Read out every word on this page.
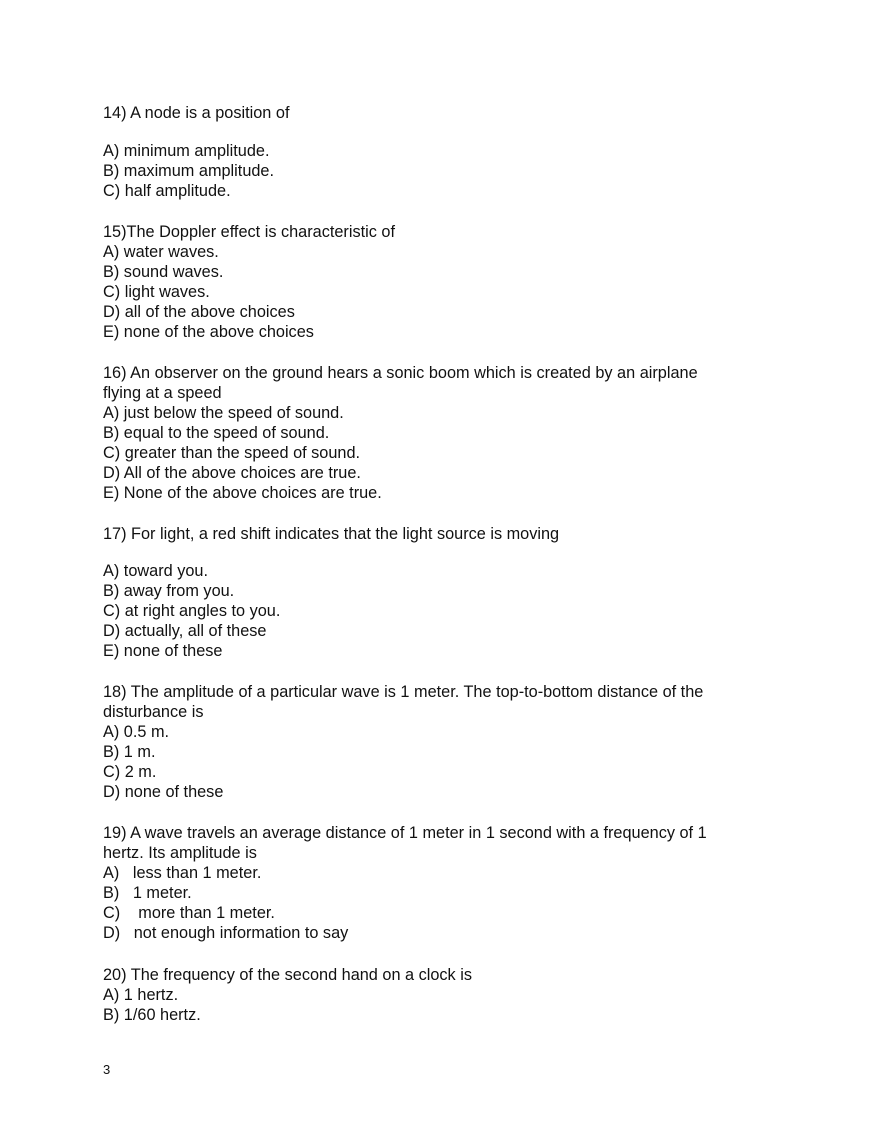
14) A node is a position of
A) minimum amplitude.
B) maximum amplitude.
C) half amplitude.
15)The Doppler effect is characteristic of
A) water waves.
B) sound waves.
C) light waves.
D) all of the above choices
E) none of the above choices
16) An observer on the ground hears a sonic boom which is created by an airplane
flying at a speed
A) just below the speed of sound.
B) equal to the speed of sound.
C) greater than the speed of sound.
D) All of the above choices are true.
E) None of the above choices are true.
17) For light, a red shift indicates that the light source is moving
A) toward you.
B) away from you.
C) at right angles to you.
D) actually, all of these
E) none of these
18) The amplitude of a particular wave is 1 meter. The top-to-bottom distance of the
disturbance is
A) 0.5 m.
B) 1 m.
C) 2 m.
D) none of these
19) A wave travels an average distance of 1 meter in 1 second with a frequency of 1
hertz. Its amplitude is
A)   less than 1 meter.
B)   1 meter.
C)    more than 1 meter.
D)   not enough information to say
20) The frequency of the second hand on a clock is
A) 1 hertz.
B) 1/60 hertz.
3
